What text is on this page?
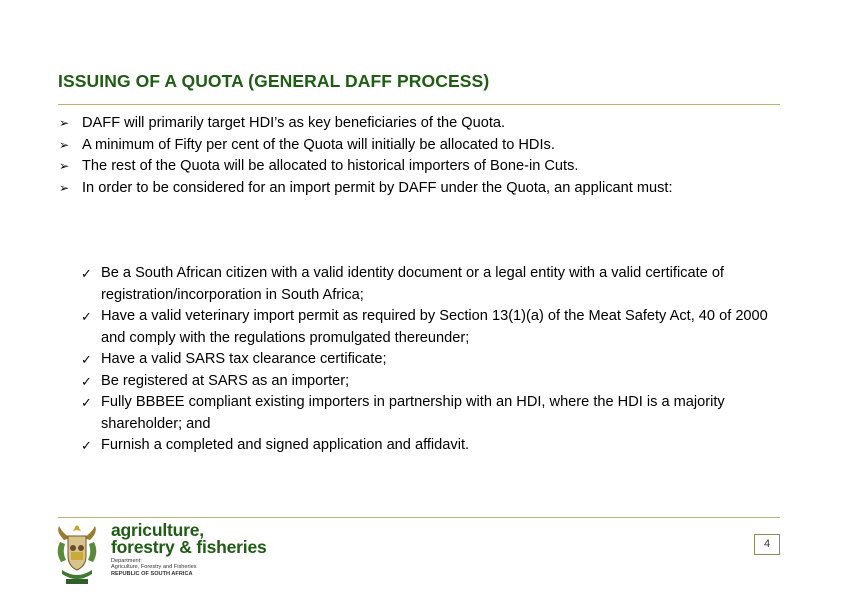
ISSUING OF A QUOTA (GENERAL DAFF PROCESS)
➢ DAFF will primarily target HDI’s as key beneficiaries of the Quota.
➢ A minimum of Fifty per cent of the Quota will initially be allocated to HDIs.
➢ The rest of the Quota will be allocated to historical importers of Bone-in Cuts.
➢ In order to be considered for an import permit by DAFF under the Quota, an applicant must:
✓ Be a South African citizen with a valid identity document or a legal entity with a valid certificate of registration/incorporation in South Africa;
✓ Have a valid veterinary import permit as required by Section 13(1)(a) of the Meat Safety Act, 40 of 2000 and comply with the regulations promulgated thereunder;
✓ Have a valid SARS tax clearance certificate;
✓ Be registered at SARS as an importer;
✓ Fully BBBEE compliant existing importers in partnership with an HDI, where the HDI is a majority shareholder; and
✓ Furnish a completed and signed application and affidavit.
agriculture,
forestry & fisheries
Department:
Agriculture, Forestry and Fisheries
REPUBLIC OF SOUTH AFRICA
4
